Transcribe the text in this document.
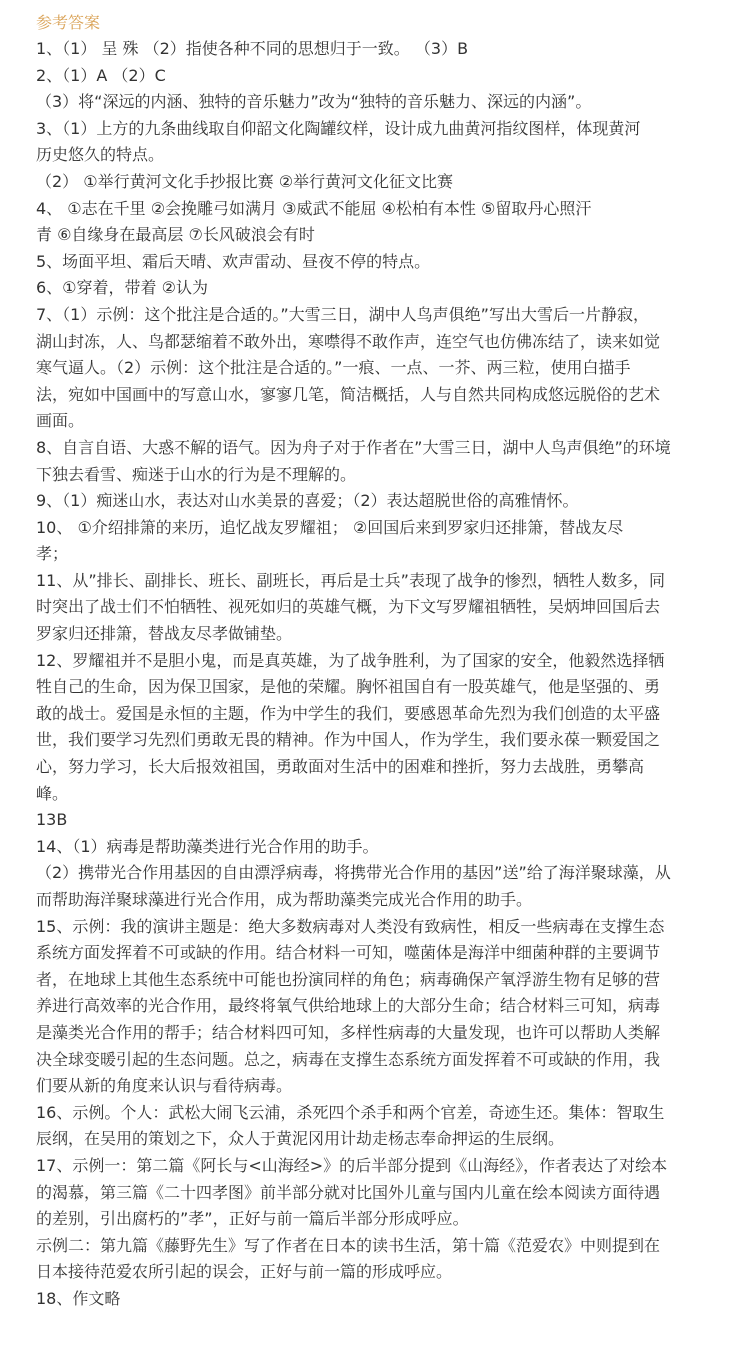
参考答案
1、（1） 呈 殊 （2）指使各种不同的思想归于一致。 （3）B
2、（1）A （2）C
（3）将“深远的内涵、独特的音乐魅力”改为“独特的音乐魅力、深远的内涵”。
3、（1）上方的九条曲线取自仰韶文化陶罐纹样，设计成九曲黄河指纹图样，体现黄河
历史悠久的特点。
（2） ①举行黄河文化手抄报比赛 ②举行黄河文化征文比赛
4、 ①志在千里 ②会挽雕弓如满月 ③威武不能屈 ④松柏有本性 ⑤留取丹心照汗
青 ⑥自缘身在最高层 ⑦长风破浪会有时
5、场面平坦、霜后天晴、欢声雷动、昼夜不停的特点。
6、①穿着，带着 ②认为
7、（1）示例：这个批注是合适的。”大雪三日，湖中人鸟声俱绝”写出大雪后一片静寂，
湖山封冻，人、鸟都瑟缩着不敢外出，寒噤得不敢作声，连空气也仿佛冻结了，读来如觉
寒气逼人。（2）示例：这个批注是合适的。”一痕、一点、一芥、两三粒，使用白描手
法，宛如中国画中的写意山水，寥寥几笔，简洁概括，人与自然共同构成悠远脱俗的艺术
画面。
8、自言自语、大惑不解的语气。因为舟子对于作者在”大雪三日，湖中人鸟声俱绝”的环境
下独去看雪、痴迷于山水的行为是不理解的。
9、（1）痴迷山水，表达对山水美景的喜爱；（2）表达超脱世俗的高雅情怀。
10、 ①介绍排箫的来历，追忆战友罗耀祖； ②回国后来到罗家归还排箫，替战友尽
孝；
11、从”排长、副排长、班长、副班长，再后是士兵”表现了战争的惨烈，牺牲人数多，同
时突出了战士们不怕牺牲、视死如归的英雄气概，为下文写罗耀祖牺牲，吴炳坤回国后去
罗家归还排箫，替战友尽孝做铺垫。
12、罗耀祖并不是胆小鬼，而是真英雄，为了战争胜利，为了国家的安全，他毅然选择牺
牲自己的生命，因为保卫国家，是他的荣耀。胸怀祖国自有一股英雄气，他是坚强的、勇
敢的战士。爱国是永恒的主题，作为中学生的我们，要感恩革命先烈为我们创造的太平盛
世，我们要学习先烈们勇敢无畏的精神。作为中国人，作为学生，我们要永葆一颗爱国之
心，努力学习，长大后报效祖国，勇敢面对生活中的困难和挫折，努力去战胜，勇攀高
峰。
13B
14、（1）病毒是帮助藻类进行光合作用的助手。
（2）携带光合作用基因的自由漂浮病毒，将携带光合作用的基因”送”给了海洋聚球藻，从
而帮助海洋聚球藻进行光合作用，成为帮助藻类完成光合作用的助手。
15、示例：我的演讲主题是：绝大多数病毒对人类没有致病性，相反一些病毒在支撑生态
系统方面发挥着不可或缺的作用。结合材料一可知，噬菌体是海洋中细菌种群的主要调节
者，在地球上其他生态系统中可能也扮演同样的角色；病毒确保产氧浮游生物有足够的营
养进行高效率的光合作用，最终将氧气供给地球上的大部分生命；结合材料三可知，病毒
是藻类光合作用的帮手；结合材料四可知，多样性病毒的大量发现，也许可以帮助人类解
决全球变暖引起的生态问题。总之，病毒在支撑生态系统方面发挥着不可或缺的作用，我
们要从新的角度来认识与看待病毒。
16、示例。个人：武松大闹飞云浦，杀死四个杀手和两个官差，奇迹生还。集体：智取生
辰纲，在吴用的策划之下，众人于黄泥冈用计劫走杨志奉命押运的生辰纲。
17、示例一：第二篇《阿长与<山海经>》的后半部分提到《山海经》，作者表达了对绘本
的渴慕，第三篇《二十四孝图》前半部分就对比国外儿童与国内儿童在绘本阅读方面待遇
的差别，引出腐朽的”孝”，正好与前一篇后半部分形成呼应。
示例二：第九篇《藤野先生》写了作者在日本的读书生活，第十篇《范爱农》中则提到在
日本接待范爱农所引起的误会，正好与前一篇的形成呼应。
18、作文略
